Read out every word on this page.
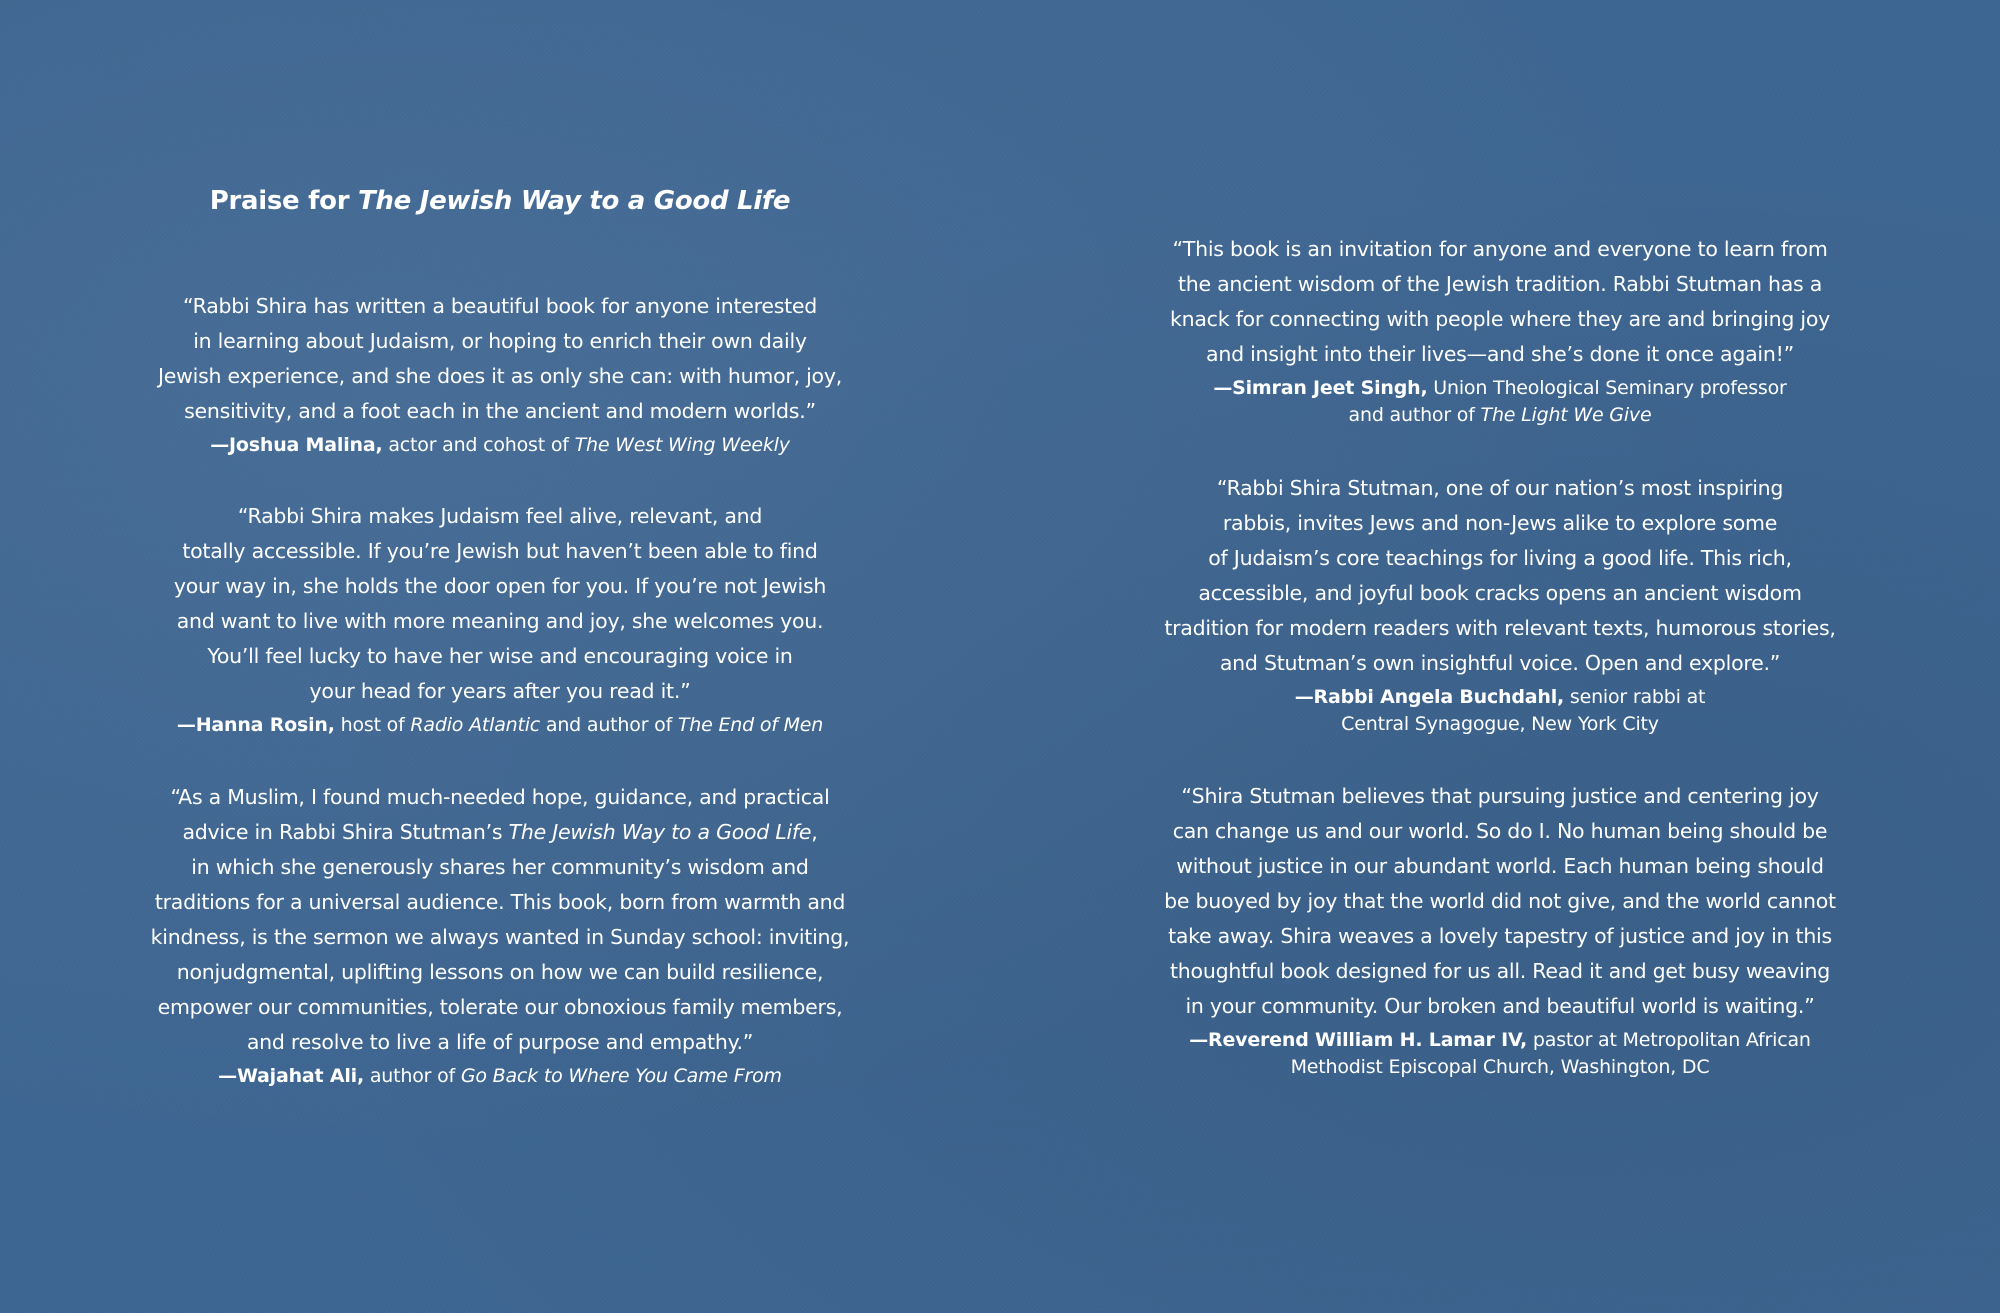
Praise for The Jewish Way to a Good Life

“Rabbi Shira has written a beautiful book for anyone interested
in learning about Judaism, or hoping to enrich their own daily
Jewish experience, and she does it as only she can: with humor, joy,
sensitivity, and a foot each in the ancient and modern worlds.”

—Joshua Malina, actor and cohost of The West Wing Weekly

“Rabbi Shira makes Judaism feel alive, relevant, and
totally accessible. If you’re Jewish but haven’t been able to find
your way in, she holds the door open for you. If you’re not Jewish
and want to live with more meaning and joy, she welcomes you.
You’ll feel lucky to have her wise and encouraging voice in
your head for years after you read it.”

—Hanna Rosin, host of Radio Atlantic and author of The End of Men

“As a Muslim, I found much-needed hope, guidance, and practical
advice in Rabbi Shira Stutman’s The Jewish Way to a Good Life,
in which she generously shares her community’s wisdom and
traditions for a universal audience. This book, born from warmth and
kindness, is the sermon we always wanted in Sunday school: inviting,
nonjudgmental, uplifting lessons on how we can build resilience,
empower our communities, tolerate our obnoxious family members,
and resolve to live a life of purpose and empathy.”

—Wajahat Ali, author of Go Back to Where You Came From

“This book is an invitation for anyone and everyone to learn from
the ancient wisdom of the Jewish tradition. Rabbi Stutman has a
knack for connecting with people where they are and bringing joy
and insight into their lives—and she’s done it once again!”

—Simran Jeet Singh, Union Theological Seminary professor
and author of The Light We Give

“Rabbi Shira Stutman, one of our nation’s most inspiring
rabbis, invites Jews and non-Jews alike to explore some
of Judaism’s core teachings for living a good life. This rich,
accessible, and joyful book cracks opens an ancient wisdom
tradition for modern readers with relevant texts, humorous stories,
and Stutman’s own insightful voice. Open and explore.”

—Rabbi Angela Buchdahl, senior rabbi at
Central Synagogue, New York City

“Shira Stutman believes that pursuing justice and centering joy
can change us and our world. So do I. No human being should be
without justice in our abundant world. Each human being should
be buoyed by joy that the world did not give, and the world cannot
take away. Shira weaves a lovely tapestry of justice and joy in this
thoughtful book designed for us all. Read it and get busy weaving
in your community. Our broken and beautiful world is waiting.”

—Reverend William H. Lamar IV, pastor at Metropolitan African
Methodist Episcopal Church, Washington, DC
